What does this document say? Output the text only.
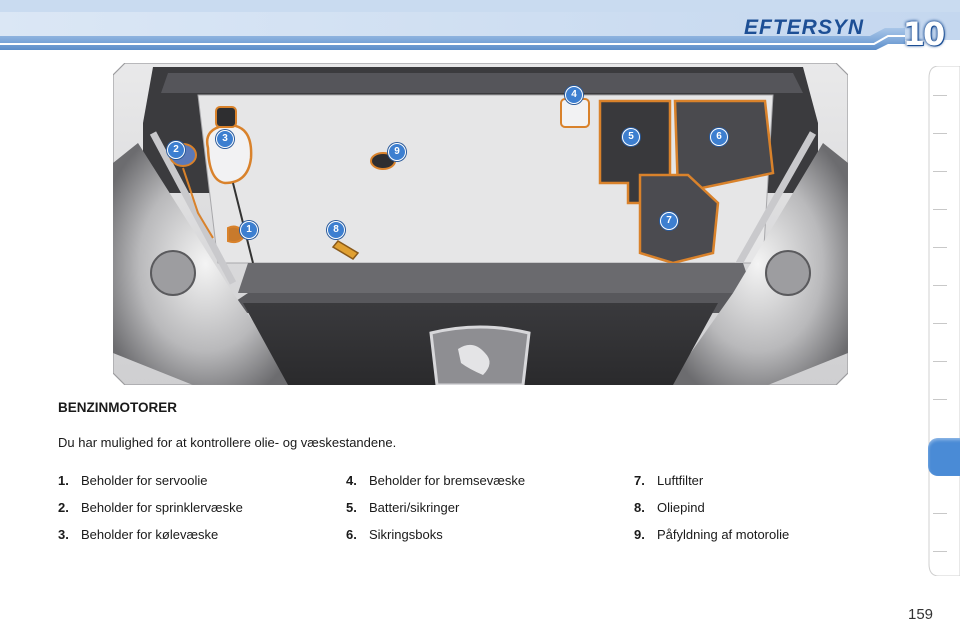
EFTERSYN 10
1
2
3
4
5	6
7
8
9
BENZINMOTORER
Du har mulighed for at kontrollere olie- og væskestandene.
1. Beholder for servoolie
2. Beholder for sprinklervæske
3. Beholder for kølevæske
4. Beholder for bremsevæske
5. Batteri/sikringer
6. Sikringsboks
7. Luftfilter
8. Oliepind
9. Påfyldning af motorolie
159
